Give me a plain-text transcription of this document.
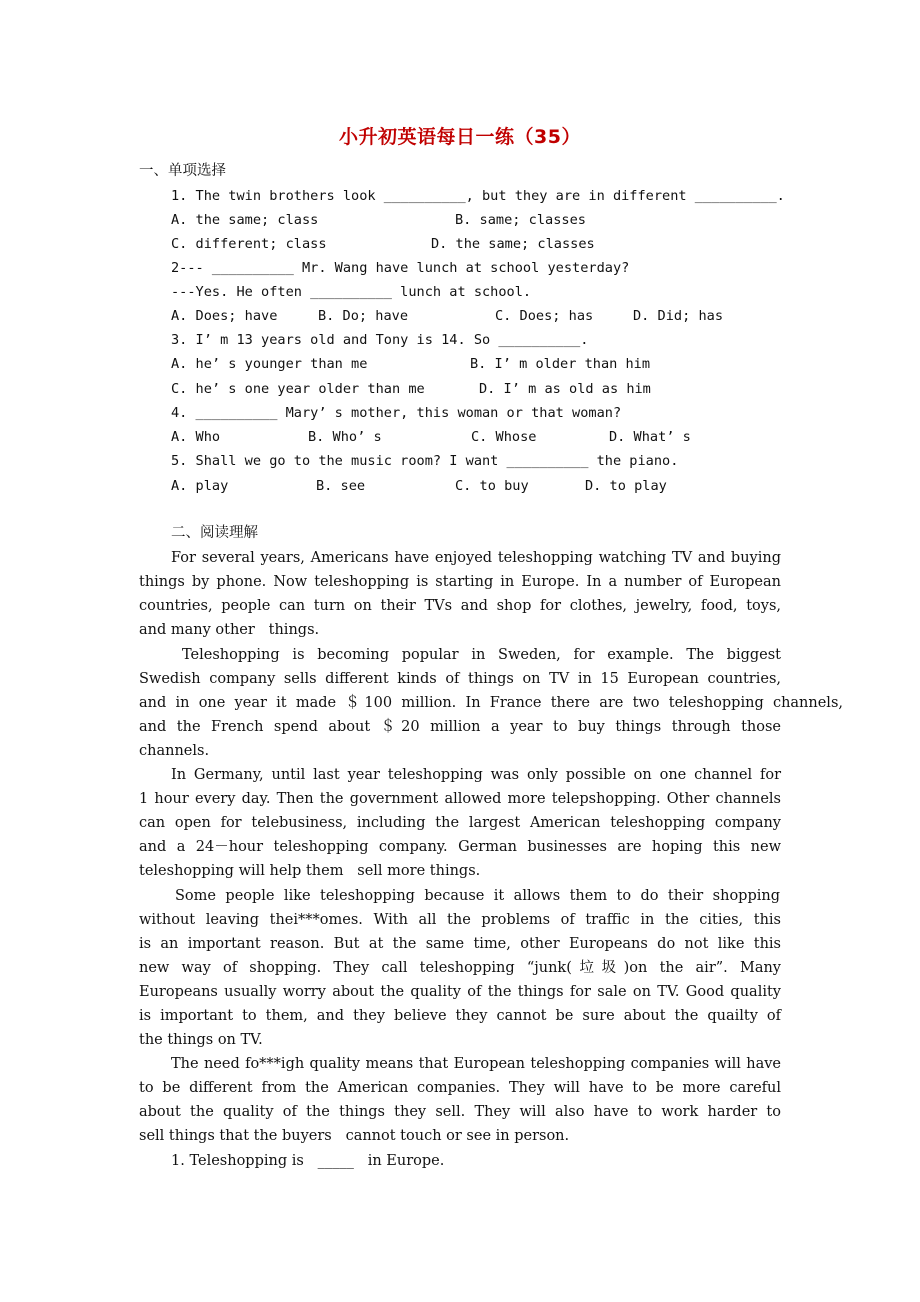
小升初英语每日一练（35）
一、单项选择
1. The twin brothers look __________, but they are in different __________.
A. the same; class	B. same; classes
C. different; class	D. the same; classes
2--- __________ Mr. Wang have lunch at school yesterday?
---Yes. He often __________ lunch at school.
A. Does; have	B. Do; have	C. Does; has	D. Did; has
3. I’ m 13 years old and Tony is 14. So __________.
A. he’ s younger than me	B. I’ m older than him
C. he’ s one year older than me	D. I’ m as old as him
4. __________ Mary’ s mother, this woman or that woman?
A. Who	B. Who’ s	C. Whose	D. What’ s
5. Shall we go to the music room? I want __________ the piano.
A. play	B. see	C. to buy	D. to play
二、阅读理解
For several years, Americans have enjoyed teleshopping watching TV and buying
things by phone. Now teleshopping is starting in Europe. In a number of European
countries, people can turn on their TVs and shop for clothes, jewelry, food, toys,
and many other   things.
Teleshopping is becoming popular in Sweden, for example. The biggest
Swedish company sells different kinds of things on TV in 15 European countries,
and in one year it made ＄100 million. In France there are two teleshopping channels,
and the French spend about ＄20 million a year to buy things through those
channels.
In Germany, until last year teleshopping was only possible on one channel for
1 hour every day. Then the government allowed more telepshopping. Other channels
can open for telebusiness, including the largest American teleshopping company
and a 24－hour teleshopping company. German businesses are hoping this new
teleshopping will help them   sell more things.
Some people like teleshopping because it allows them to do their shopping
without leaving thei***omes. With all the problems of traffic in the cities, this
is an important reason. But at the same time, other Europeans do not like this
new way of shopping. They call teleshopping “junk(垃圾)on the air”. Many
Europeans usually worry about the quality of the things for sale on TV. Good quality
is important to them, and they believe they cannot be sure about the quailty of
the things on TV.
The need fo***igh quality means that European teleshopping companies will have
to be different from the American companies. They will have to be more careful
about the quality of the things they sell. They will also have to work harder to
sell things that the buyers   cannot touch or see in person.
1. Teleshopping is   _____   in Europe.
